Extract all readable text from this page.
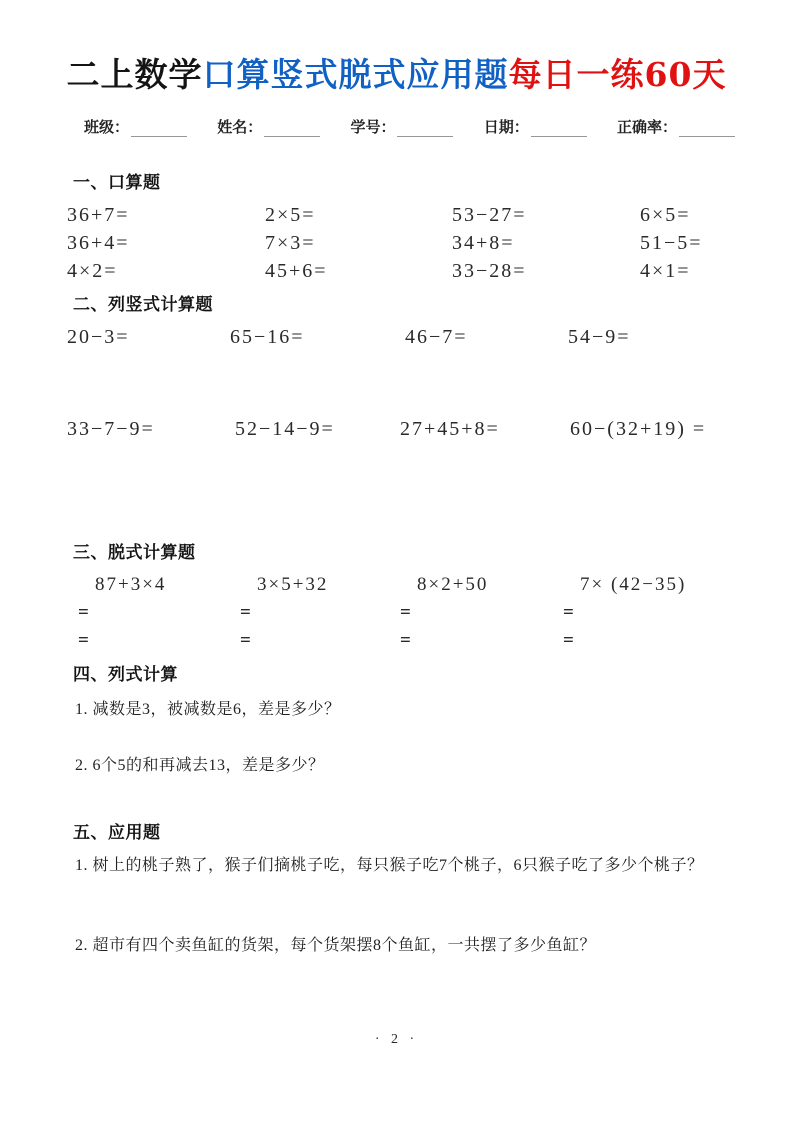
二上数学口算竖式脱式应用题每日一练60天
班级：	姓名：	学号：	日期：	正确率：
一、口算题
36+7=	2×5=	53−27=	6×5=
36+4=	7×3=	34+8=	51−5=
4×2=	45+6=	33−28=	4×1=
二、列竖式计算题
20−3=	65−16=	46−7=	54−9=
33−7−9=	52−14−9=	27+45+8=	60−(32+19) =
三、脱式计算题
87+3×4	3×5+32	8×2+50	7× (42−35)
=	=	=	=
=	=	=	=
四、列式计算
1. 减数是3，被减数是6，差是多少？
2. 6个5的和再减去13，差是多少？
五、应用题
1. 树上的桃子熟了，猴子们摘桃子吃，每只猴子吃7个桃子，6只猴子吃了多少个桃子？
2. 超市有四个卖鱼缸的货架，每个货架摆8个鱼缸，一共摆了多少鱼缸？
· 2 ·
